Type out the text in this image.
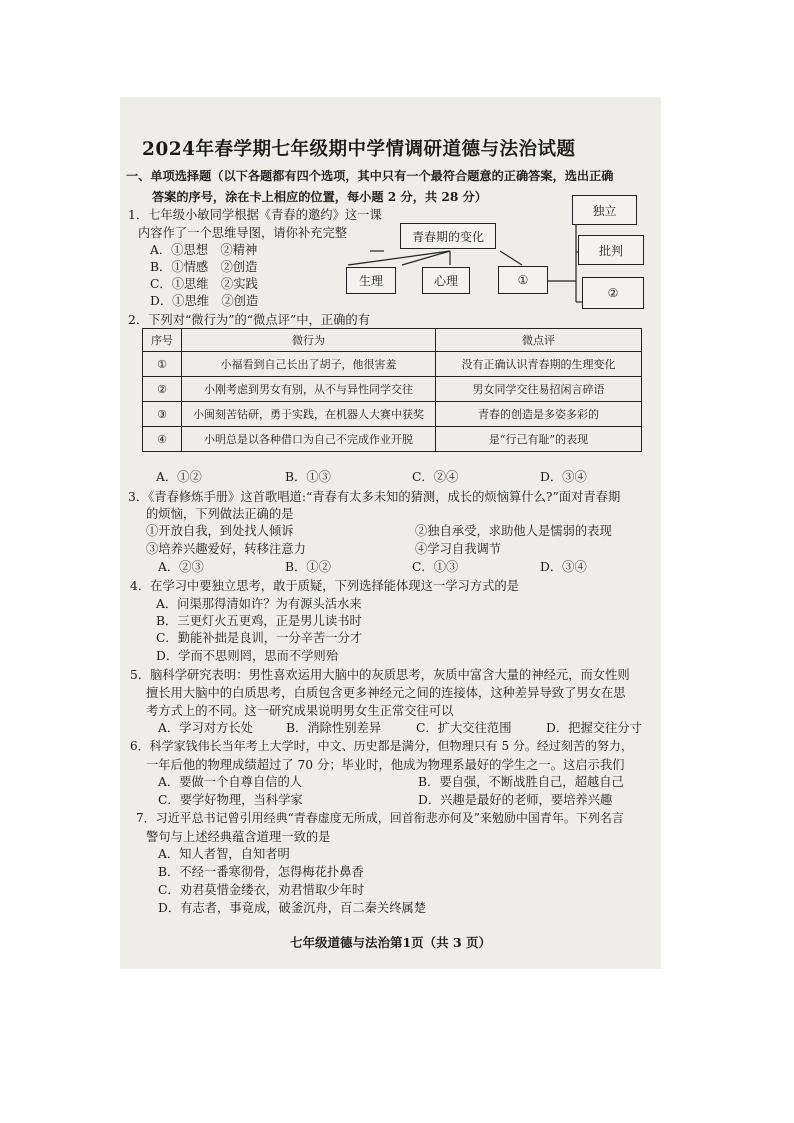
2024年春学期七年级期中学情调研道德与法治试题
一、单项选择题（以下各题都有四个选项，其中只有一个最符合题意的正确答案，选出正确
答案的序号，涂在卡上相应的位置，每小题 2 分，共 28 分）
1．七年级小敏同学根据《青春的邀约》这一课
内容作了一个思维导图，请你补充完整
A．①思想　②精神
B．①情感　②创造
C．①思维　②实践
D．①思维　②创造
青春期的变化
生理	心理	①
独立
批判
②
2．下列对“微行为”的“微点评”中，正确的有
序号	微行为	微点评
①	小福看到自己长出了胡子，他很害羞	没有正确认识青春期的生理变化
②	小刚考虑到男女有别，从不与异性同学交往	男女同学交往易招闲言碎语
③	小闽刻苦钻研，勇于实践，在机器人大赛中获奖	青春的创造是多姿多彩的
④	小明总是以各种借口为自己不完成作业开脱	是“行己有耻”的表现
A．①②	B．①③	C．②④	D．③④
3．《青春修炼手册》这首歌唱道:“青春有太多未知的猜测，成长的烦恼算什么?”面对青春期
的烦恼，下列做法正确的是
①开放自我，到处找人倾诉	②独自承受，求助他人是懦弱的表现
③培养兴趣爱好，转移注意力	④学习自我调节
A．②③	B．①②	C．①③	D．③④
4．在学习中要独立思考，敢于质疑，下列选择能体现这一学习方式的是
A．问渠那得清如许？为有源头活水来
B．三更灯火五更鸡，正是男儿读书时
C．勤能补拙是良训，一分辛苦一分才
D．学而不思则罔，思而不学则殆
5．脑科学研究表明：男性喜欢运用大脑中的灰质思考，灰质中富含大量的神经元，而女性则
擅长用大脑中的白质思考，白质包含更多神经元之间的连接体，这种差异导致了男女在思
考方式上的不同。这一研究成果说明男女生正常交往可以
A．学习对方长处	B．消除性别差异	C．扩大交往范围	D．把握交往分寸
6．科学家钱伟长当年考上大学时，中文、历史都是满分，但物理只有 5 分。经过刻苦的努力，
一年后他的物理成绩超过了 70 分；毕业时，他成为物理系最好的学生之一。这启示我们
A．要做一个自尊自信的人	B．要自强，不断战胜自己，超越自己
C．要学好物理，当科学家	D．兴趣是最好的老师，要培养兴趣
7．习近平总书记曾引用经典“青春虚度无所成，回首衔悲亦何及”来勉励中国青年。下列名言
警句与上述经典蕴含道理一致的是
A．知人者智，自知者明
B．不经一番寒彻骨，怎得梅花扑鼻香
C．劝君莫惜金缕衣，劝君惜取少年时
D．有志者，事竟成，破釜沉舟，百二秦关终属楚
七年级道德与法治第1页（共 3 页）
